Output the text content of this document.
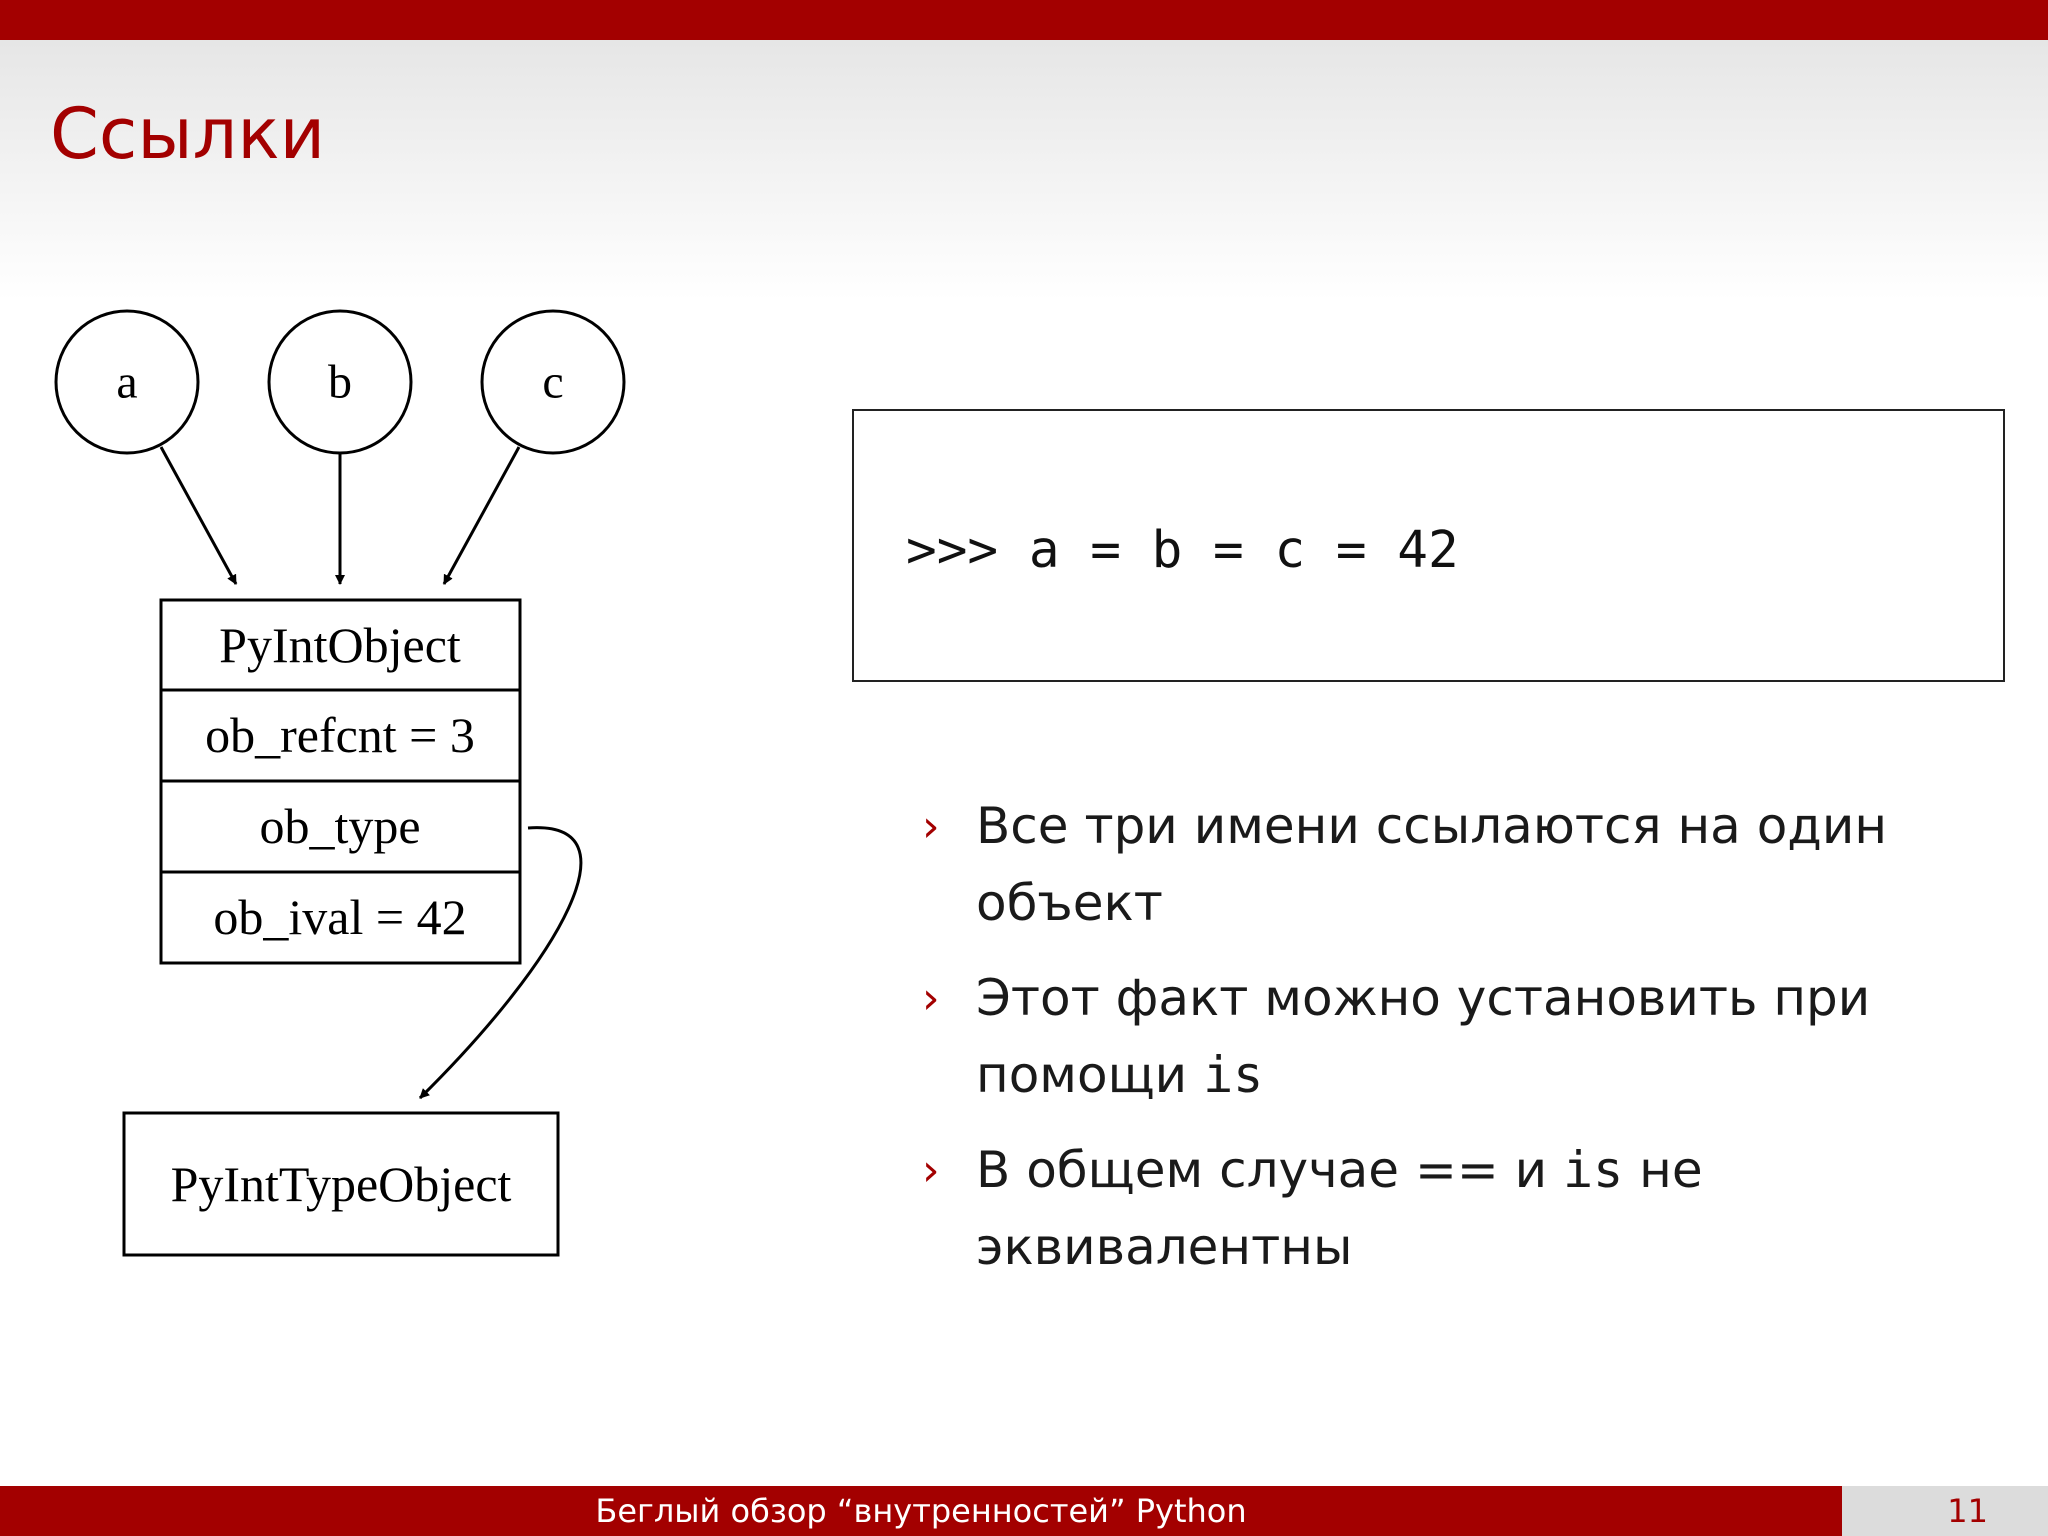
Ссылки
a	b	c
PyIntObject
ob_refcnt = 3
ob_type
ob_ival = 42
PyIntTypeObject
>>> a = b = c = 42
› Все три имени ссылаются на один объект
› Этот факт можно установить при помощи is
› В общем случае == и is не эквивалентны
Беглый обзор “внутренностей” Python	11
